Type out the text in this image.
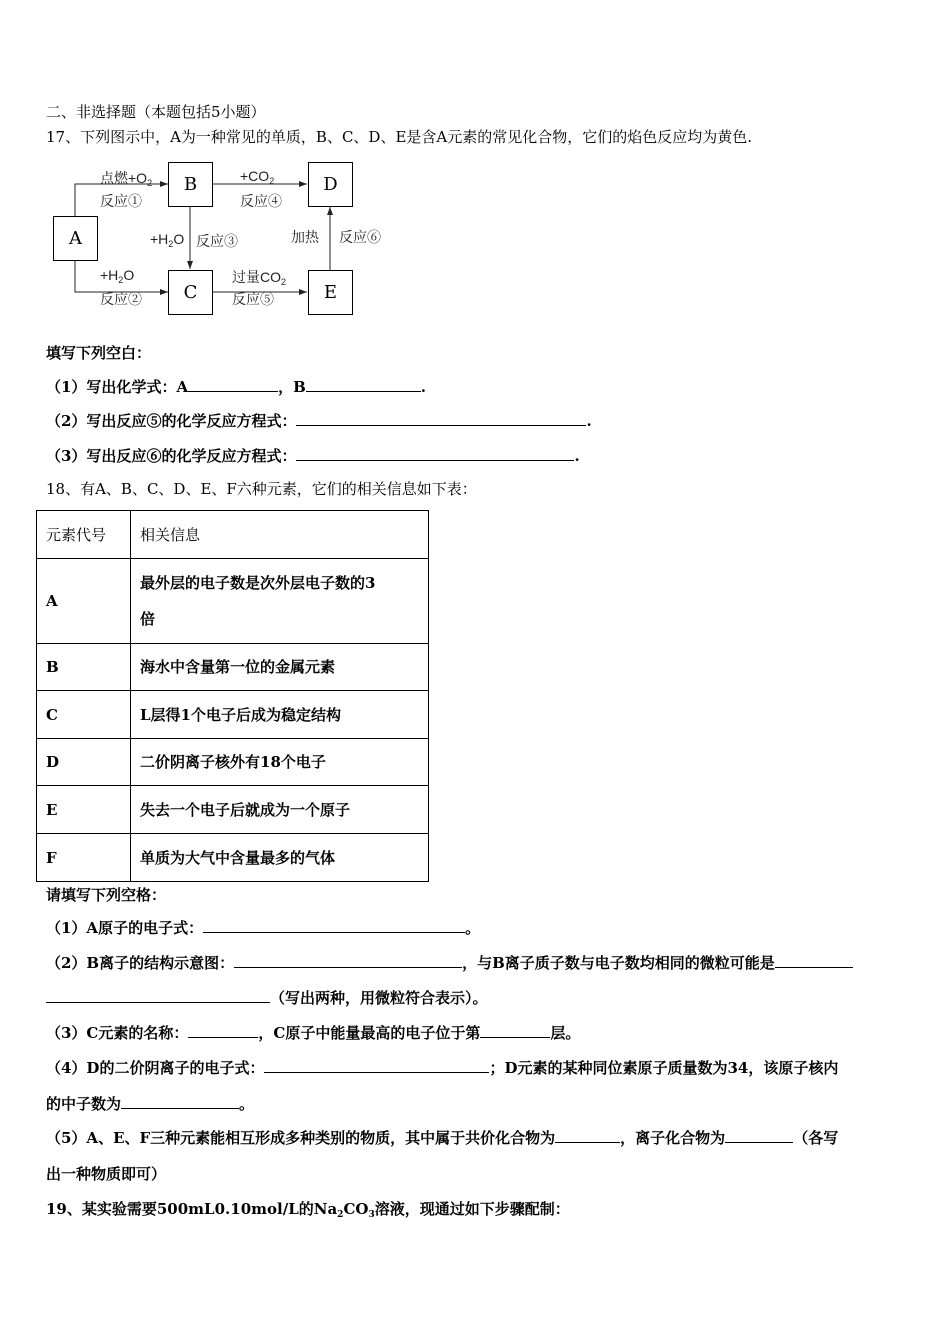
二、非选择题（本题包括5小题）
17、下列图示中，A为一种常见的单质，B、C、D、E是含A元素的常见化合物，它们的焰色反应均为黄色.
A
B	D
C	E
点燃$+O_2$
反应①
$+CO_2$
反应④
$+H_2O$ 反应③	加热 反应⑥
$+H_2O$
反应②
过量$CO_2$
反应⑤
填写下列空白：
（1）写出化学式：A	，B	.
（2）写出反应⑤的化学反应方程式：	.
（3）写出反应⑥的化学反应方程式：	.
18、有A、B、C、D、E、F六种元素，它们的相关信息如下表：
元素代号	相关信息
A	最外层的电子数是次外层电子数的3
倍

B	海水中含量第一位的金属元素
C	L层得1个电子后成为稳定结构
D	二价阴离子核外有18个电子
E	失去一个电子后就成为一个原子
F	单质为大气中含量最多的气体
请填写下列空格：
（1）A原子的电子式：	。
（2）B离子的结构示意图：	，与B离子质子数与电子数均相同的微粒可能是
（写出两种，用微粒符合表示）。
（3）C元素的名称：	，C原子中能量最高的电子位于第	层。
（4）D的二价阴离子的电子式：	；D元素的某种同位素原子质量数为34，该原子核内
的中子数为	。
（5）A、E、F三种元素能相互形成多种类别的物质，其中属于共价化合物为	，离子化合物为	（各写
出一种物质即可）
19、某实验需要500mL0.10mol/L的$Na_2CO_3$溶液，现通过如下步骤配制：
